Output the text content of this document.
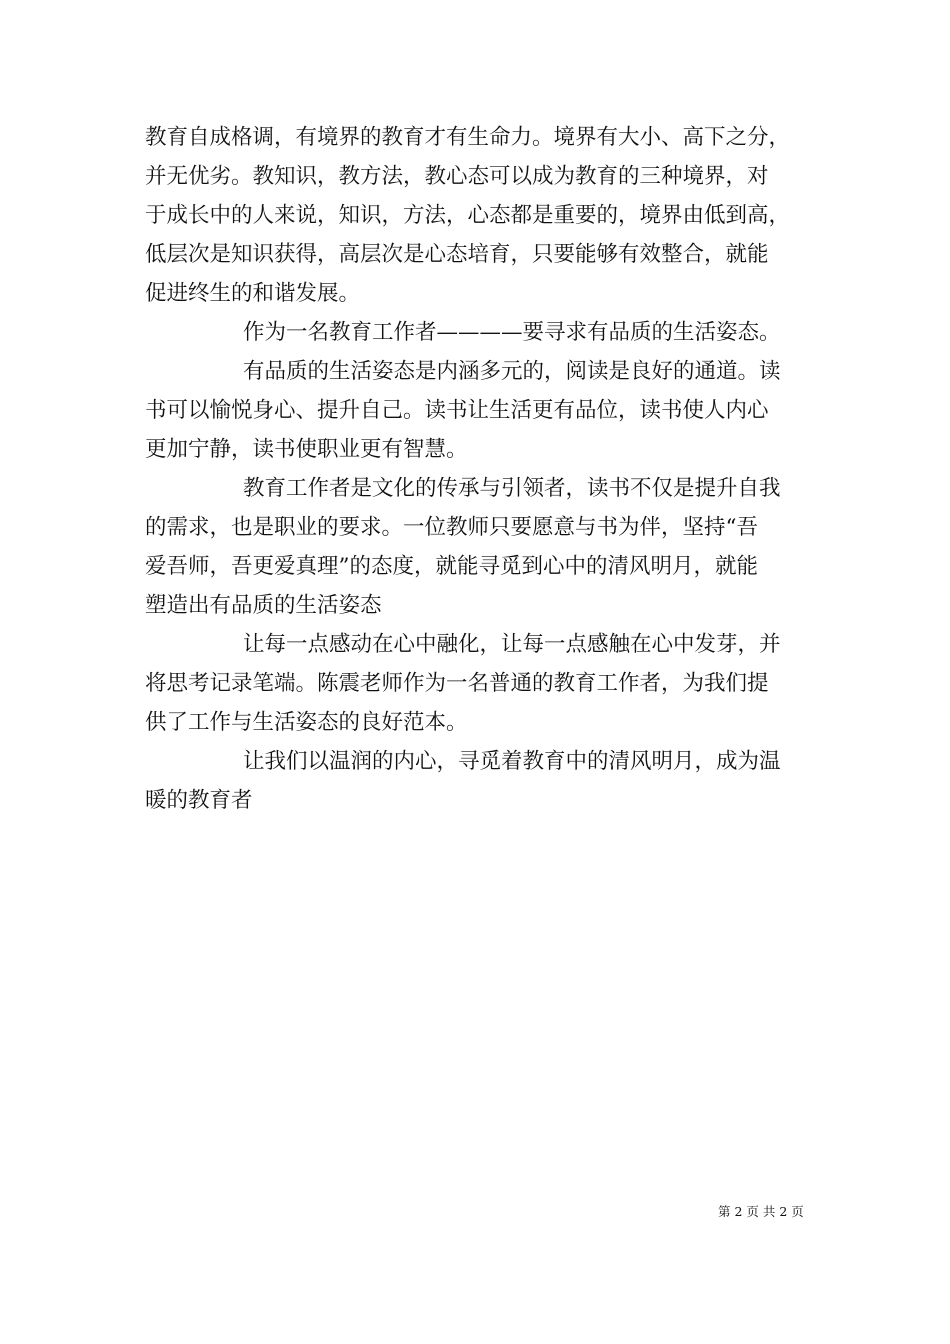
教育自成格调，有境界的教育才有生命力。境界有大小、高下之分，
并无优劣。教知识，教方法，教心态可以成为教育的三种境界，对
于成长中的人来说，知识，方法，心态都是重要的，境界由低到高，
低层次是知识获得，高层次是心态培育，只要能够有效整合，就能
促进终生的和谐发展。
作为一名教育工作者————要寻求有品质的生活姿态。
有品质的生活姿态是内涵多元的，阅读是良好的通道。读
书可以愉悦身心、提升自己。读书让生活更有品位，读书使人内心
更加宁静，读书使职业更有智慧。
教育工作者是文化的传承与引领者，读书不仅是提升自我
的需求，也是职业的要求。一位教师只要愿意与书为伴，坚持“吾
爱吾师，吾更爱真理”的态度，就能寻觅到心中的清风明月，就能
塑造出有品质的生活姿态
让每一点感动在心中融化，让每一点感触在心中发芽，并
将思考记录笔端。陈震老师作为一名普通的教育工作者，为我们提
供了工作与生活姿态的良好范本。
让我们以温润的内心，寻觅着教育中的清风明月，成为温
暖的教育者
第 2 页 共 2 页
